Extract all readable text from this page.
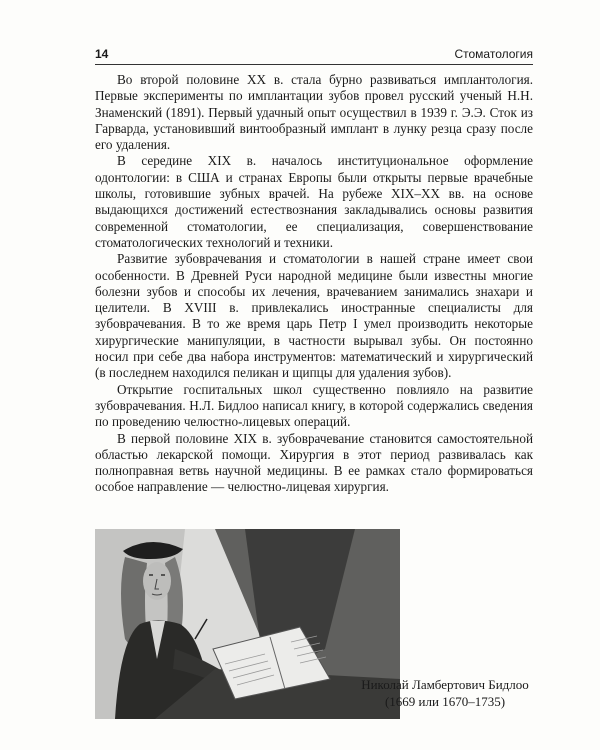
14	Стоматология

Во второй половине XX в. стала бурно развиваться имплантология. Первые эксперименты по имплантации зубов провел русский ученый Н.Н. Знаменский (1891). Первый удачный опыт осуществил в 1939 г. Э.Э. Сток из Гарварда, установивший винтообразный имплант в лунку резца сразу после его удаления.

В середине XIX в. началось институциональное оформление одонтологии: в США и странах Европы были открыты первые врачебные школы, готовившие зубных врачей. На рубеже XIX–XX вв. на основе выдающихся достижений естествознания закладывались основы развития современной стоматологии, ее специализация, совершенствование стоматологических технологий и техники.

Развитие зубоврачевания и стоматологии в нашей стране имеет свои особенности. В Древней Руси народной медицине были известны многие болезни зубов и способы их лечения, врачеванием занимались знахари и целители. В XVIII в. привлекались иностранные специалисты для зубоврачевания. В то же время царь Петр I умел производить некоторые хирургические манипуляции, в частности вырывал зубы. Он постоянно носил при себе два набора инструментов: математический и хирургический (в последнем находился пеликан и щипцы для удаления зубов).

Открытие госпитальных школ существенно повлияло на развитие зубоврачевания. Н.Л. Бидлоо написал книгу, в которой содержались сведения по проведению челюстно-лицевых операций.

В первой половине XIX в. зубоврачевание становится самостоятельной областью лекарской помощи. Хирургия в этот период развивалась как полноправная ветвь научной медицины. В ее рамках стало формироваться особое направление — челюстно-лицевая хирургия.

Николай Ламбертович Бидлоо
(1669 или 1670–1735)
